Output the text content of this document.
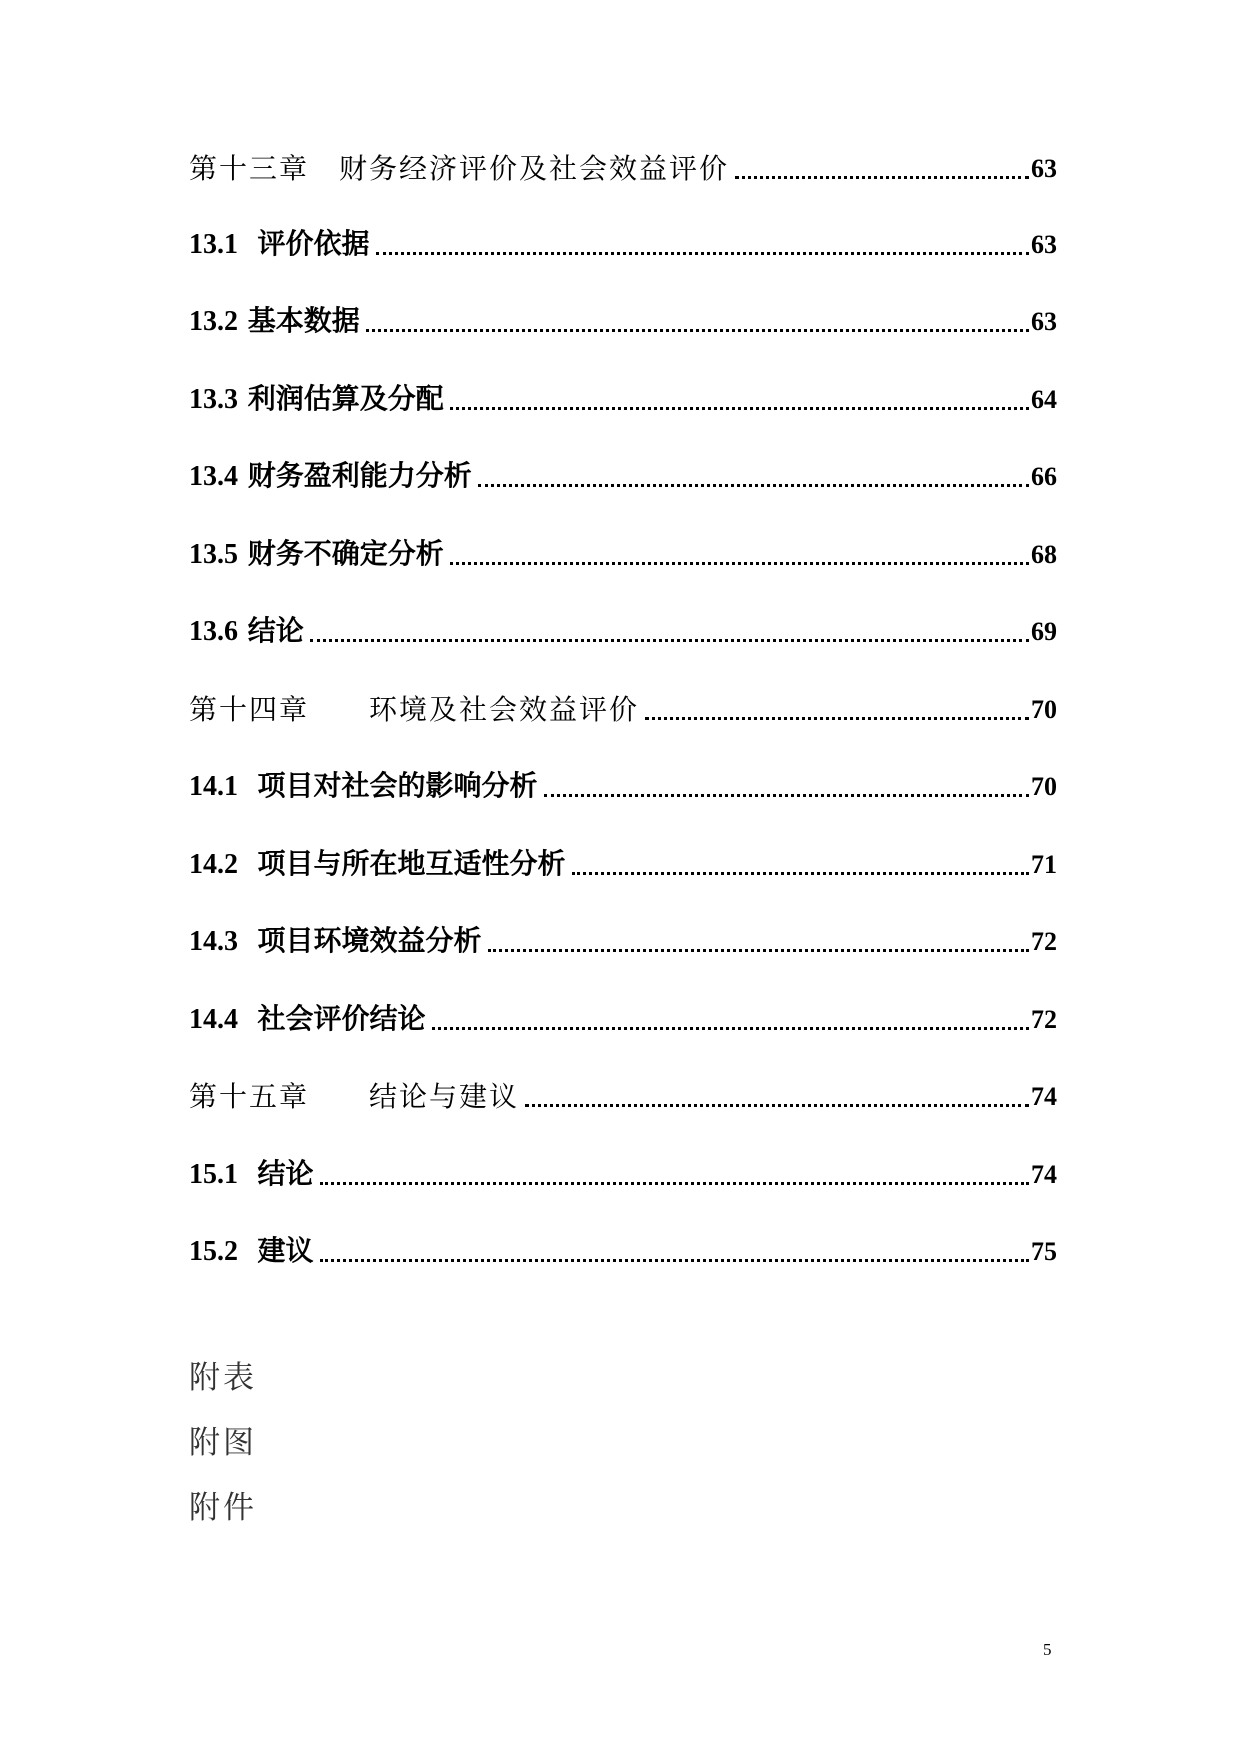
第十三章　财务经济评价及社会效益评价	63
13.1  评价依据	63
13.2 基本数据	63
13.3 利润估算及分配	64
13.4 财务盈利能力分析	66
13.5 财务不确定分析	68
13.6 结论	69
第十四章　　环境及社会效益评价	70
14.1  项目对社会的影响分析	70
14.2  项目与所在地互适性分析	71
14.3  项目环境效益分析	72
14.4  社会评价结论	72
第十五章　　结论与建议	74
15.1  结论	74
15.2  建议	75
附表
附图
附件
5
